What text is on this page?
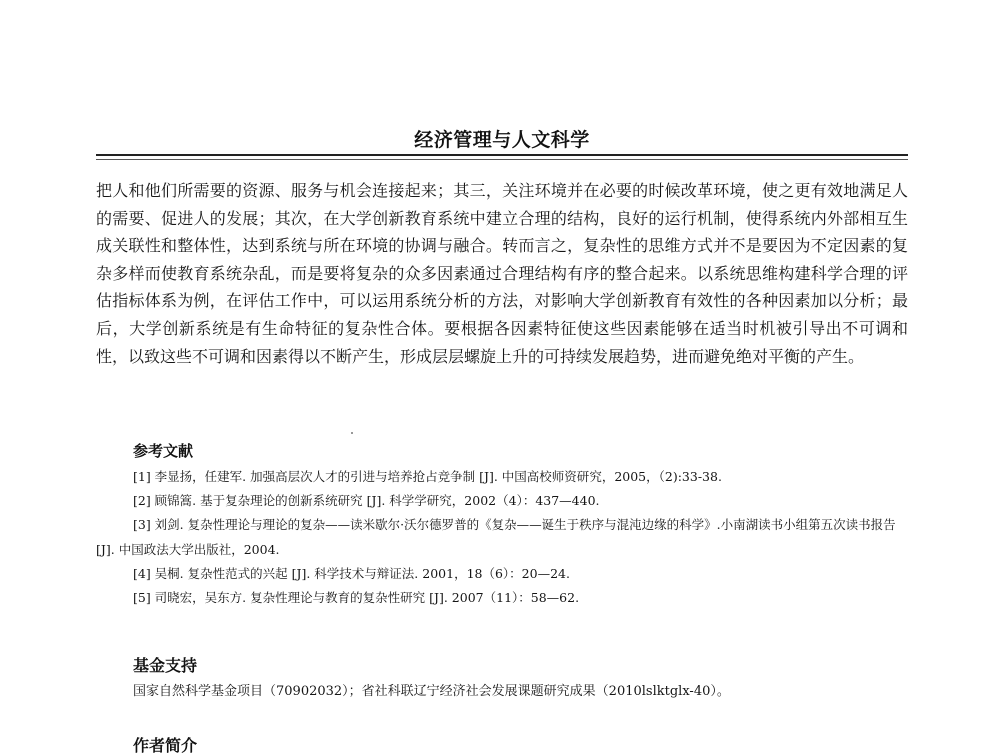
经济管理与人文科学

把人和他们所需要的资源、服务与机会连接起来；其三，关注环境并在必要的时候改革环境，使之更有效地满足人的需要、促进人的发展；其次，在大学创新教育系统中建立合理的结构，良好的运行机制，使得系统内外部相互生成关联性和整体性，达到系统与所在环境的协调与融合。转而言之，复杂性的思维方式并不是要因为不定因素的复杂多样而使教育系统杂乱，而是要将复杂的众多因素通过合理结构有序的整合起来。以系统思维构建科学合理的评估指标体系为例，在评估工作中，可以运用系统分析的方法，对影响大学创新教育有效性的各种因素加以分析；最后，大学创新系统是有生命特征的复杂性合体。要根据各因素特征使这些因素能够在适当时机被引导出不可调和性，以致这些不可调和因素得以不断产生，形成层层螺旋上升的可持续发展趋势，进而避免绝对平衡的产生。

参考文献

[1] 李显扬，任建军. 加强高层次人才的引进与培养抢占竞争制 [J]. 中国高校师资研究，2005，（2):33-38.

[2] 顾锦篙. 基于复杂理论的创新系统研究 [J]. 科学学研究，2002（4）：437—440.

[3] 刘剑. 复杂性理论与理论的复杂——读米歇尔·沃尔德罗普的《复杂——诞生于秩序与混沌边缘的科学》.小南湖读书小组第五次读书报告 [J]. 中国政法大学出版社，2004.

[4] 吴桐. 复杂性范式的兴起 [J]. 科学技术与辩证法. 2001，18（6）：20—24.

[5] 司晓宏，吴东方. 复杂性理论与教育的复杂性研究 [J]. 2007（11）：58—62.

基金支持
国家自然科学基金项目（70902032）；省社科联辽宁经济社会发展课题研究成果（2010lslktglx-40）。
作者简介
